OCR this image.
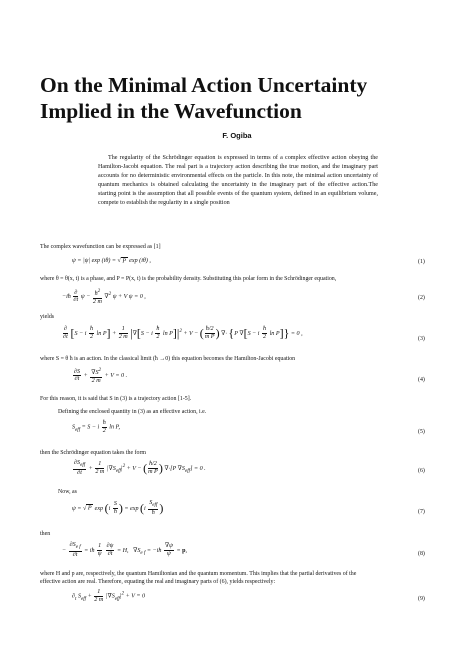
On the Minimal Action Uncertainty Implied in the Wavefunction
F. Ogiba

The regularity of the Schrödinger equation is expressed in terms of a complex effective action obeying the Hamilton-Jacobi equation. The real part is a trajectory action describing the true motion, and the imaginary part accounts for no deterministic environmental effects on the particle. In this note, the minimal action uncertainty of quantum mechanics is obtained calculating the uncertainty in the imaginary part of the effective action.The starting point is the assumption that all possible events of the quantum system, defined in an equilibrium volume, compete to establish the regularity in a single position

The complex wavefunction can be expressed as [1]
ψ = |ψ| exp (iθ) = √ P  exp (iθ) ,	(1)
where θ = θ(x, t) is a phase, and P = P(x, t) is the probability density. Substituting this polar form in the Schrödinger equation,
−iħ $\frac{\partial}{\partial t}$ $\psi - \frac{ħ^2}{2 m} \nabla^2$ ψ + V ψ = 0 ,	(2)
yields
$\frac{\partial}{\partial t} [S - i \frac{ħ}{2}$ $\ln P] + \frac{1}{2 m} |\nabla[S - i \frac{ħ}{2}$ $\ln P]|^2 + V$ − ( $\frac{ħ/2}{\text{m P}}$ ) ∇· {P ∇[S − i $\frac{ħ}{2}$ ln P]} = 0 ,
(3)
where S = θ ħ is an action. In the classical limit (ħ →0) this equation becomes the Hamilton-Jacobi equation
$\frac{\partial S}{\partial t} + \frac{\nabla S^2}{2 m} + V = 0$ .
(4)
For this reason, it is said that S in (3) is a trajectory action [1-5].
Defining the enclosed quantity in (3) as an effective action, i.e.
$S_{eff} = S - i \frac{ħ}{2}$ ln P,
(5)
then the Schrödinger equation takes the form
$\frac{\partial S_{eff}}{\partial t} + \frac{1}{2 m} |\nabla S_{eff}|^2 + V$ − ( $\frac{ħ/2}{\text{m P}}$ ) ∇·[P $\nabla S_{eff}] = 0$ .	(6)
Now, as
ψ = √ P  $\exp (i \frac{S}{ħ}$ ) = $\exp (i \frac{S_{eff}}{ħ}$ )	(7)
then
− $\frac{\partial S_{e f}}{\partial t}$ = iħ $\frac{1}{\psi}$
$\frac{\partial\psi}{\partial t} = H$,   $\nabla S_{e f}$ = −iħ $\frac{\nabla\psi}{\psi} = p$,
(8)
where H and p are, respectively, the quantum Hamiltonian and the quantum momentum. This implies that the partial derivatives of the
effective action are real. Therefore, equating the real and imaginary parts of (6), yields respectively:
$\partial_t$ $S_{eff} + \frac{1}{2 m} |\nabla S_{eff}|^2 + V = 0$	(9)
